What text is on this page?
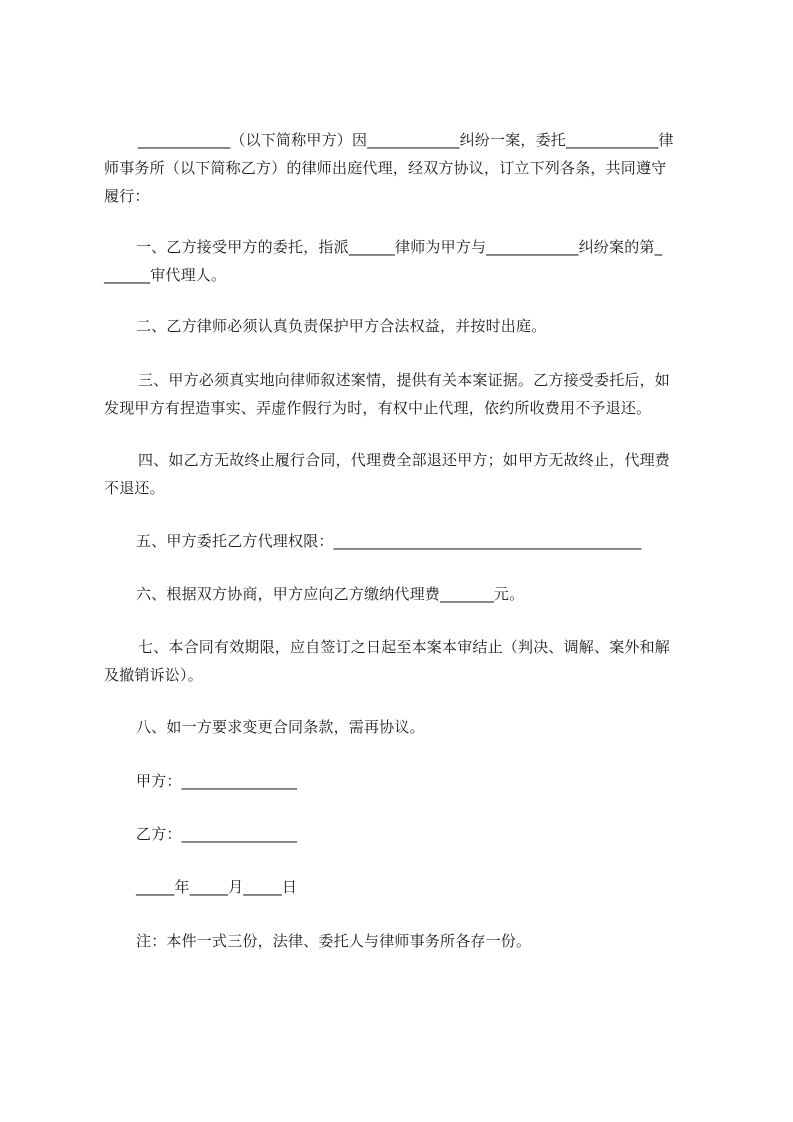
____________（以下简称甲方）因____________纠纷一案，委托____________律
师事务所（以下简称乙方）的律师出庭代理，经双方协议，订立下列各条，共同遵守
履行：
一、乙方接受甲方的委托，指派______律师为甲方与____________纠纷案的第_
______审代理人。
二、乙方律师必须认真负责保护甲方合法权益，并按时出庭。
三、甲方必须真实地向律师叙述案情，提供有关本案证据。乙方接受委托后，如
发现甲方有捏造事实、弄虚作假行为时，有权中止代理，依约所收费用不予退还。
四、如乙方无故终止履行合同，代理费全部退还甲方；如甲方无故终止，代理费
不退还。
五、甲方委托乙方代理权限：________________________________________
六、根据双方协商，甲方应向乙方缴纳代理费_______元。
七、本合同有效期限，应自签订之日起至本案本审结止（判决、调解、案外和解
及撤销诉讼）。
八、如一方要求变更合同条款，需再协议。
甲方：_______________
乙方：_______________
_____年_____月_____日
注：本件一式三份，法律、委托人与律师事务所各存一份。
